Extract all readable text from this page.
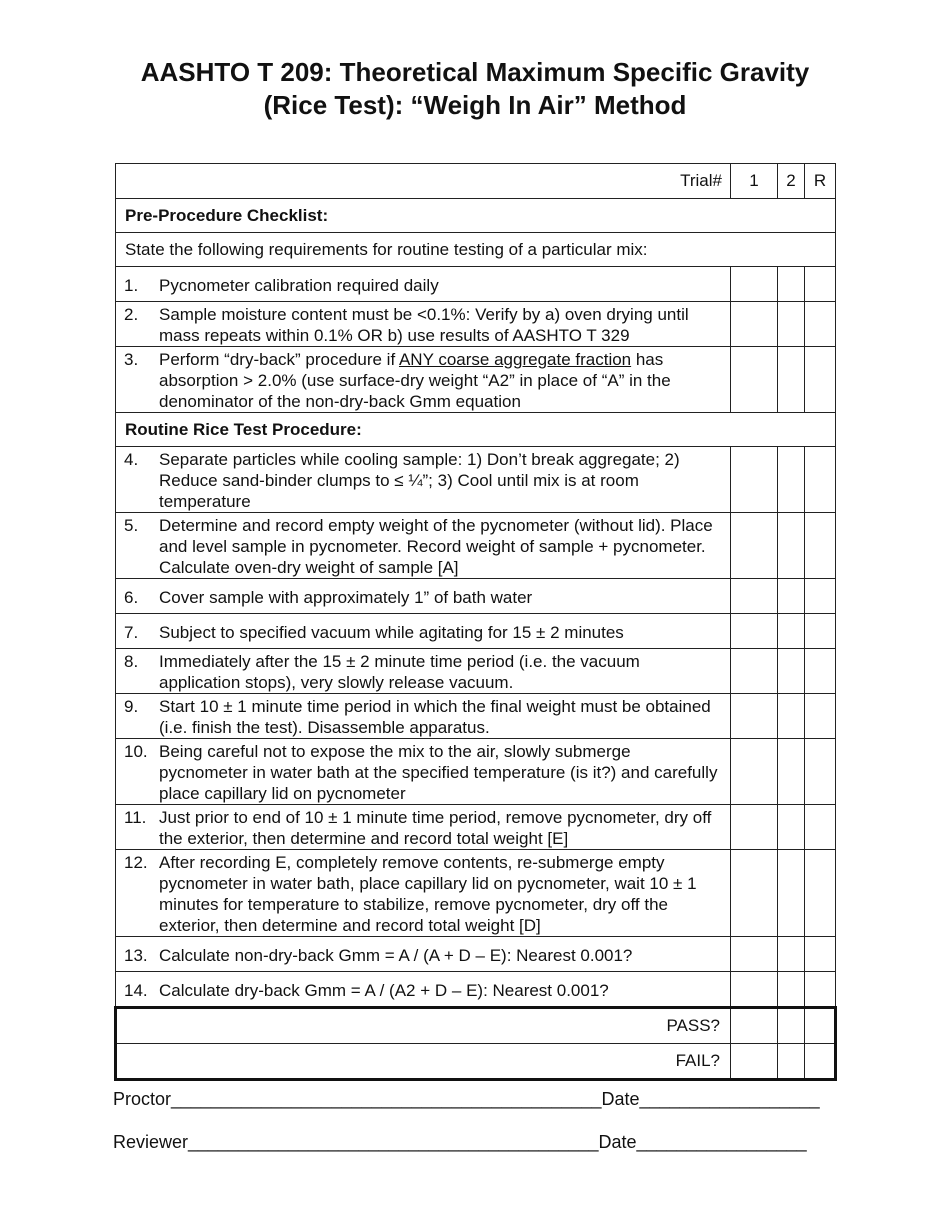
AASHTO T 209: Theoretical Maximum Specific Gravity
(Rice Test): “Weigh In Air” Method
Trial#	1	2	R
Pre-Procedure Checklist:			
State the following requirements for routine testing of a particular mix:			

1. Pycnometer calibration required daily			

2. Sample moisture content must be <0.1%: Verify by a) oven drying until mass repeats within 0.1% OR b) use results of AASHTO T 329			

3. Perform “dry-back” procedure if ANY coarse aggregate fraction has absorption > 2.0% (use surface-dry weight “A2” in place of “A” in the denominator of the non-dry-back Gmm equation			

Routine Rice Test Procedure:			

4. Separate particles while cooling sample: 1) Don’t break aggregate; 2) Reduce sand-binder clumps to ≤ ¼”; 3) Cool until mix is at room temperature			

5. Determine and record empty weight of the pycnometer (without lid). Place and level sample in pycnometer. Record weight of sample + pycnometer. Calculate oven-dry weight of sample [A]			

6. Cover sample with approximately 1” of bath water			

7. Subject to specified vacuum while agitating for 15 ± 2 minutes			

8. Immediately after the 15 ± 2 minute time period (i.e. the vacuum application stops), very slowly release vacuum.			

9. Start 10 ± 1 minute time period in which the final weight must be obtained (i.e. finish the test). Disassemble apparatus.			

10. Being careful not to expose the mix to the air, slowly submerge pycnometer in water bath at the specified temperature (is it?) and carefully place capillary lid on pycnometer			

11. Just prior to end of 10 ± 1 minute time period, remove pycnometer, dry off the exterior, then determine and record total weight [E]			

12. After recording E, completely remove contents, re-submerge empty pycnometer in water bath, place capillary lid on pycnometer, wait 10 ± 1 minutes for temperature to stabilize, remove pycnometer, dry off the exterior, then determine and record total weight [D]			

13. Calculate non-dry-back Gmm = A / (A + D – E): Nearest 0.001?			

14. Calculate dry-back Gmm = A / (A2 + D – E): Nearest 0.001?			

PASS?			
FAIL?			
Proctor___________________________________________Date__________________
Reviewer_________________________________________Date_________________
